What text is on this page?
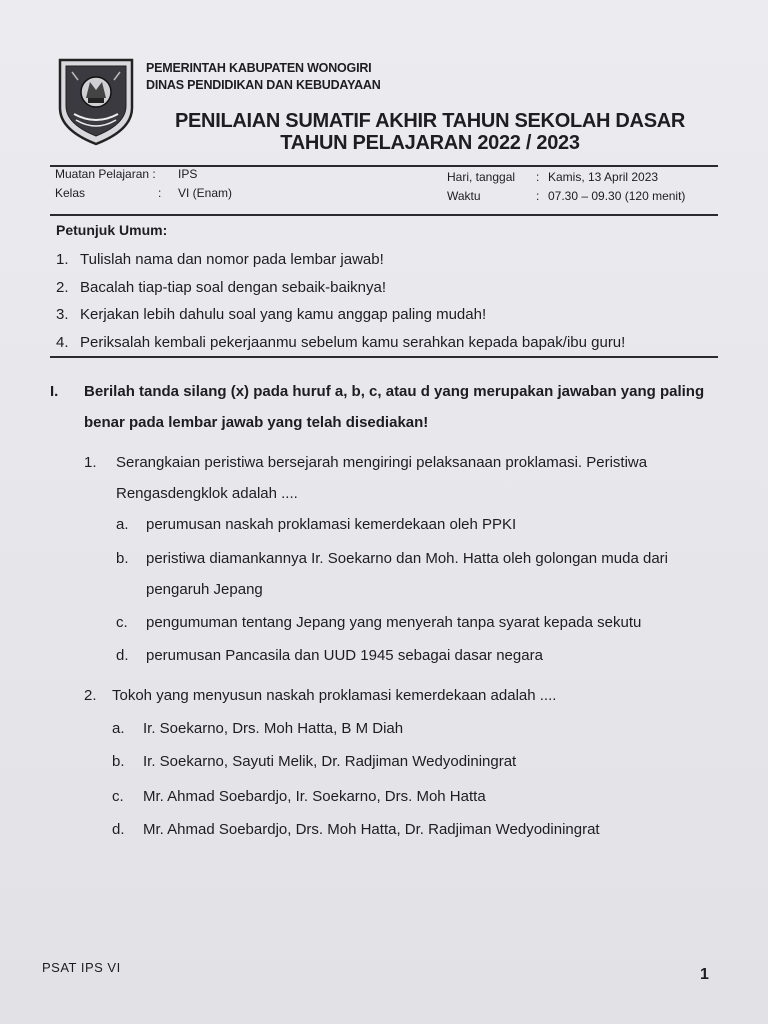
PEMERINTAH KABUPATEN WONOGIRI
DINAS PENDIDIKAN DAN KEBUDAYAAN
PENILAIAN SUMATIF AKHIR TAHUN SEKOLAH DASAR
TAHUN PELAJARAN 2022 / 2023
Muatan Pelajaran : IPS
Kelas	: VI (Enam)
Hari, tanggal : Kamis, 13 April 2023
Waktu	: 07.30 – 09.30 (120 menit)
Petunjuk Umum:
1. Tulislah nama dan nomor pada lembar jawab!
2. Bacalah tiap-tiap soal dengan sebaik-baiknya!
3. Kerjakan lebih dahulu soal yang kamu anggap paling mudah!
4. Periksalah kembali pekerjaanmu sebelum kamu serahkan kepada bapak/ibu guru!
I. Berilah tanda silang (x) pada huruf a, b, c, atau d yang merupakan jawaban yang paling benar pada lembar jawab yang telah disediakan!
1. Serangkaian peristiwa bersejarah mengiringi pelaksanaan proklamasi. Peristiwa Rengasdengklok adalah ....
a. perumusan naskah proklamasi kemerdekaan oleh PPKI
b. peristiwa diamankannya Ir. Soekarno dan Moh. Hatta oleh golongan muda dari pengaruh Jepang
c. pengumuman tentang Jepang yang menyerah tanpa syarat kepada sekutu
d. perumusan Pancasila dan UUD 1945 sebagai dasar negara
2. Tokoh yang menyusun naskah proklamasi kemerdekaan adalah ....
a. Ir. Soekarno, Drs. Moh Hatta, B M Diah
b. Ir. Soekarno, Sayuti Melik, Dr. Radjiman Wedyodiningrat
c. Mr. Ahmad Soebardjo, Ir. Soekarno, Drs. Moh Hatta
d. Mr. Ahmad Soebardjo, Drs. Moh Hatta, Dr. Radjiman Wedyodiningrat
PSAT IPS VI	1
